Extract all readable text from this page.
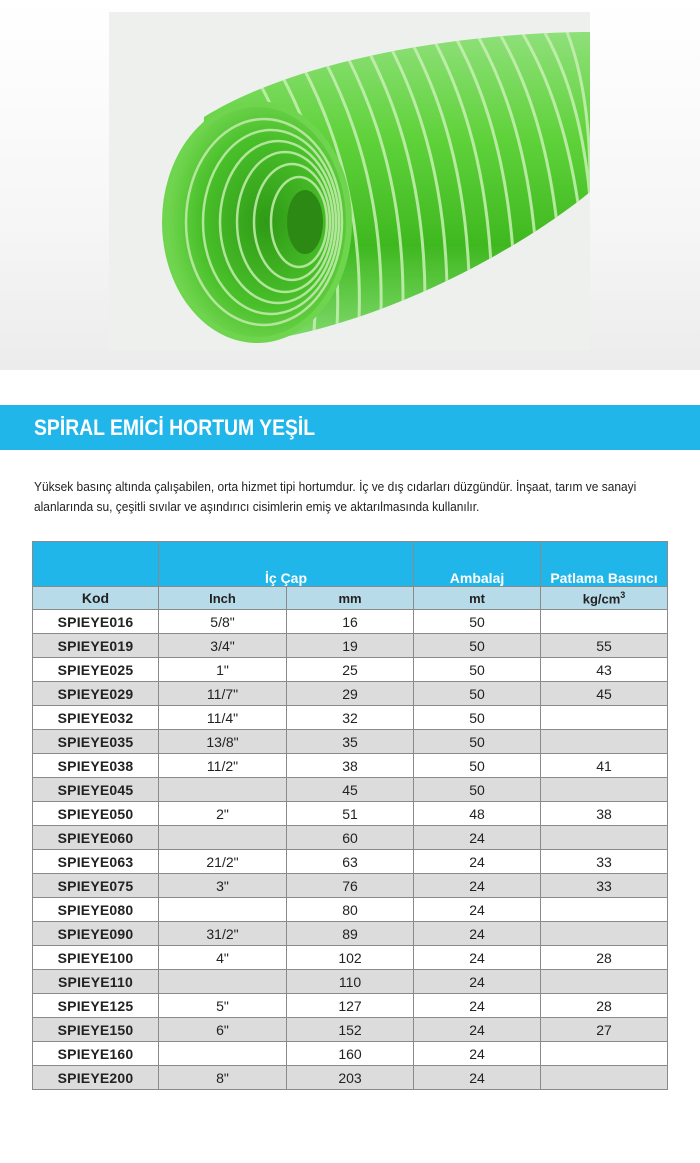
SPİRAL EMİCİ HORTUM YEŞİL
Yüksek basınç altında çalışabilen, orta hizmet tipi hortumdur. İç ve dış cıdarları düzgündür. İnşaat, tarım ve sanayi alanlarında su, çeşitli sıvılar ve aşındırıcı cisimlerin emiş ve aktarılmasında kullanılır.
	İç Çap		Ambalaj	Patlama Basıncı
Kod	Inch	mm	mt	$kg/cm^3$
SPIEYE016	5/8"	16	50	
SPIEYE019	3/4"	19	50	55
SPIEYE025	1"	25	50	43
SPIEYE029	11/7"	29	50	45
SPIEYE032	11/4"	32	50	
SPIEYE035	13/8"	35	50	
SPIEYE038	11/2"	38	50	41
SPIEYE045		45	50	
SPIEYE050	2"	51	48	38
SPIEYE060		60	24	
SPIEYE063	21/2"	63	24	33
SPIEYE075	3"	76	24	33
SPIEYE080		80	24	
SPIEYE090	31/2"	89	24	
SPIEYE100	4"	102	24	28
SPIEYE110		110	24	
SPIEYE125	5"	127	24	28
SPIEYE150	6"	152	24	27
SPIEYE160		160	24	
SPIEYE200	8"	203	24	
